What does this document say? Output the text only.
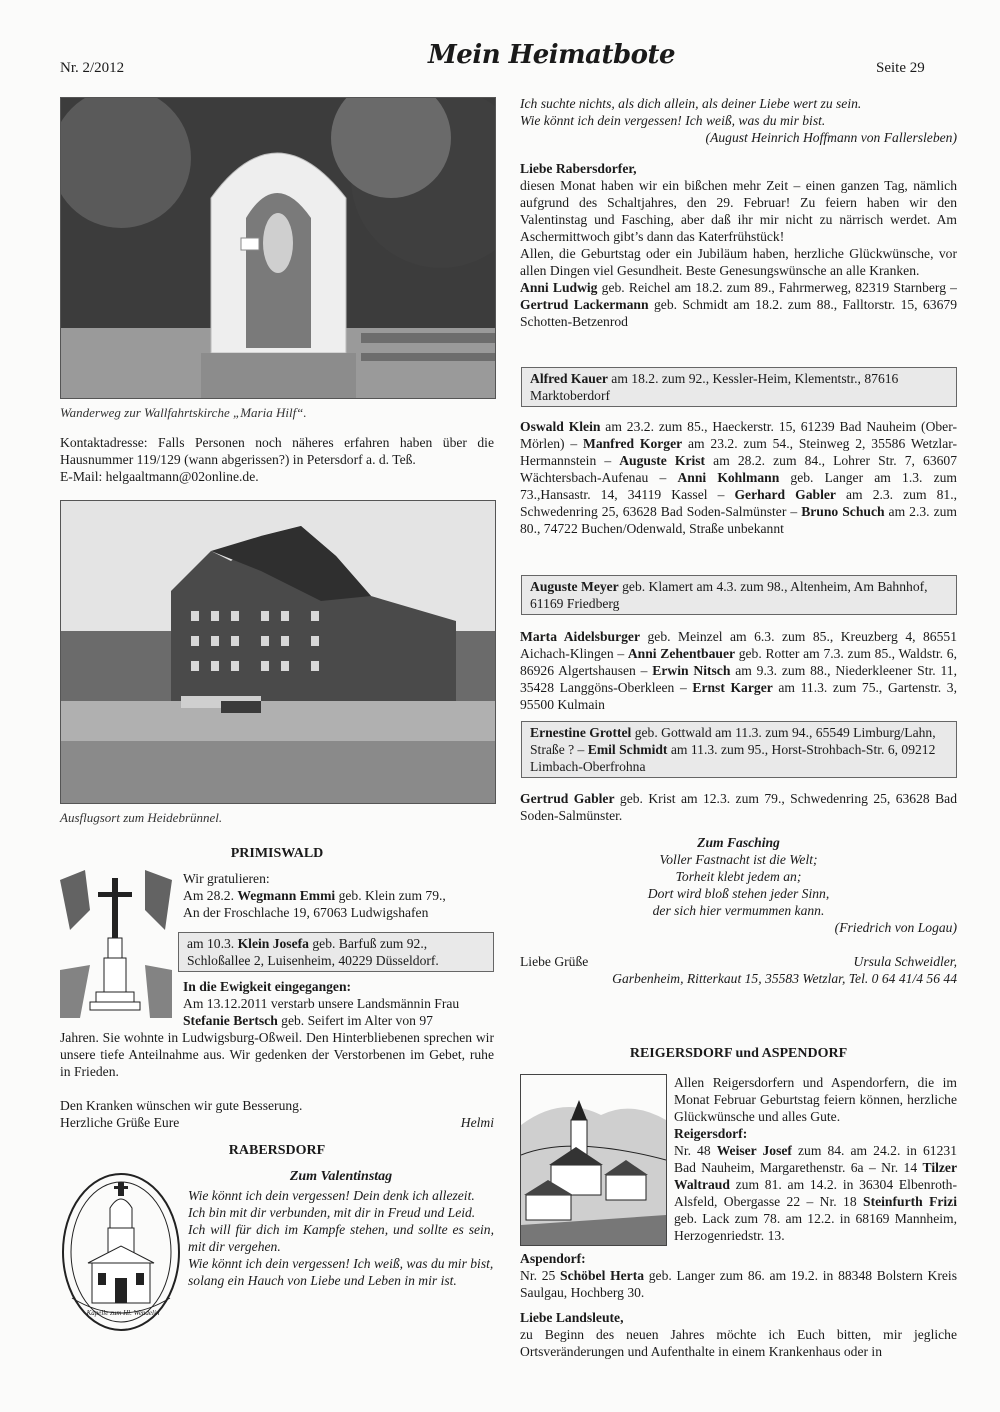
Nr. 2/2012	Mein Heimatbote	Seite 29
Wanderweg zur Wallfahrtskirche „Maria Hilf“.

Kontaktadresse: Falls Personen noch näheres erfahren haben über die Hausnummer 119/129 (wann abgerissen?) in Petersdorf a. d. Teß.

E-Mail: helgaaltmann@02online.de.

Ausflugsort zum Heidebrünnel.
PRIMISWALD

Wir gratulieren:

Am 28.2. Wegmann Emmi geb. Klein zum 79.,

An der Froschlache 19, 67063 Ludwigshafen

am 10.3. Klein Josefa geb. Barfuß zum 92.,

Schloßallee 2, Luisenheim, 40229 Düsseldorf.

In die Ewigkeit eingegangen:

Am 13.12.2011 verstarb unsere Landsmännin Frau

Stefanie Bertsch geb. Seifert im Alter von 97

Jahren. Sie wohnte in Ludwigsburg-Oßweil. Den Hinterbliebenen sprechen wir unsere tiefe Anteilnahme aus. Wir gedenken der Verstorbenen im Gebet, ruhe in Frieden.

Den Kranken wünschen wir gute Besserung.

Herzliche Grüße Eure	Helmi

RABERSDORF
Zum Valentinstag
Kapelle zum Hl. Wendelin

Wie könnt ich dein vergessen! Dein denk ich allezeit.

Ich bin mit dir verbunden, mit dir in Freud und Leid.

Ich will für dich im Kampfe stehen, und sollte es sein, mit dir vergehen.

Wie könnt ich dein vergessen! Ich weiß, was du mir bist,

solang ein Hauch von Liebe und Leben in mir ist.

Ich suchte nichts, als dich allein, als deiner Liebe wert zu sein.

Wie könnt ich dein vergessen! Ich weiß, was du mir bist.

(August Heinrich Hoffmann von Fallersleben)

Liebe Rabersdorfer,

diesen Monat haben wir ein bißchen mehr Zeit – einen ganzen Tag, nämlich aufgrund des Schaltjahres, den 29. Februar! Zu feiern haben wir den Valentinstag und Fasching, aber daß ihr mir nicht zu närrisch werdet. Am Aschermittwoch gibt’s dann das Katerfrühstück!

Allen, die Geburtstag oder ein Jubiläum haben, herzliche Glückwünsche, vor allen Dingen viel Gesundheit. Beste Genesungswünsche an alle Kranken.

Anni Ludwig geb. Reichel am 18.2. zum 89., Fahrmerweg, 82319 Starnberg – Gertrud Lackermann geb. Schmidt am 18.2. zum 88., Falltorstr. 15, 63679 Schotten-Betzenrod

Alfred Kauer am 18.2. zum 92., Kessler-Heim, Klementstr., 87616 Marktoberdorf
Oswald Klein am 23.2. zum 85., Haeckerstr. 15, 61239 Bad Nauheim (Ober-Mörlen) – Manfred Korger am 23.2. zum 54., Steinweg 2, 35586 Wetzlar-Hermannstein – Auguste Krist am 28.2. zum 84., Lohrer Str. 7, 63607 Wächtersbach-Aufenau – Anni Kohlmann geb. Langer am 1.3. zum 73.,Hansastr. 14, 34119 Kassel – Gerhard Gabler am 2.3. zum 81., Schwedenring 25, 63628 Bad Soden-Salmünster – Bruno Schuch am 2.3. zum 80., 74722 Buchen/Odenwald, Straße unbekannt
Auguste Meyer geb. Klamert am 4.3. zum 98., Altenheim, Am Bahnhof, 61169 Friedberg
Marta Aidelsburger geb. Meinzel am 6.3. zum 85., Kreuzberg 4, 86551 Aichach-Klingen – Anni Zehentbauer geb. Rotter am 7.3. zum 85., Waldstr. 6, 86926 Algertshausen – Erwin Nitsch am 9.3. zum 88., Niederkleener Str. 11, 35428 Langgöns-Oberkleen – Ernst Karger am 11.3. zum 75., Gartenstr. 3, 95500 Kulmain
Ernestine Grottel geb. Gottwald am 11.3. zum 94., 65549 Limburg/Lahn, Straße ? – Emil Schmidt am 11.3. zum 95., Horst-Strohbach-Str. 6, 09212 Limbach-Oberfrohna
Gertrud Gabler geb. Krist am 12.3. zum 79., Schwedenring 25, 63628 Bad Soden-Salmünster.

Zum Fasching

Voller Fastnacht ist die Welt;

Torheit klebt jedem an;

Dort wird bloß stehen jeder Sinn,

der sich hier vermummen kann.

(Friedrich von Logau)

Liebe Grüße	Ursula Schweidler,

Garbenheim, Ritterkaut 15, 35583 Wetzlar, Tel. 0 64 41/4 56 44

REIGERSDORF und ASPENDORF

Allen Reigersdorfern und Aspendorfern, die im Monat Februar Geburtstag feiern können, herzliche Glückwünsche und alles Gute.

Reigersdorf:

Nr. 48 Weiser Josef zum 84. am 24.2. in 61231 Bad Nauheim, Margarethenstr. 6a – Nr. 14 Tilzer Waltraud zum 81. am 14.2. in 36304 Elbenroth-Alsfeld, Obergasse 22 – Nr. 18 Steinfurth Frizi geb. Lack zum 78. am 12.2. in 68169 Mannheim, Herzogenriedstr. 13.

Aspendorf:

Nr. 25 Schöbel Herta geb. Langer zum 86. am 19.2. in 88348 Bolstern Kreis Saulgau, Hochberg 30.

Liebe Landsleute,

zu Beginn des neuen Jahres möchte ich Euch bitten, mir jegliche Ortsveränderungen und Aufenthalte in einem Krankenhaus oder in
